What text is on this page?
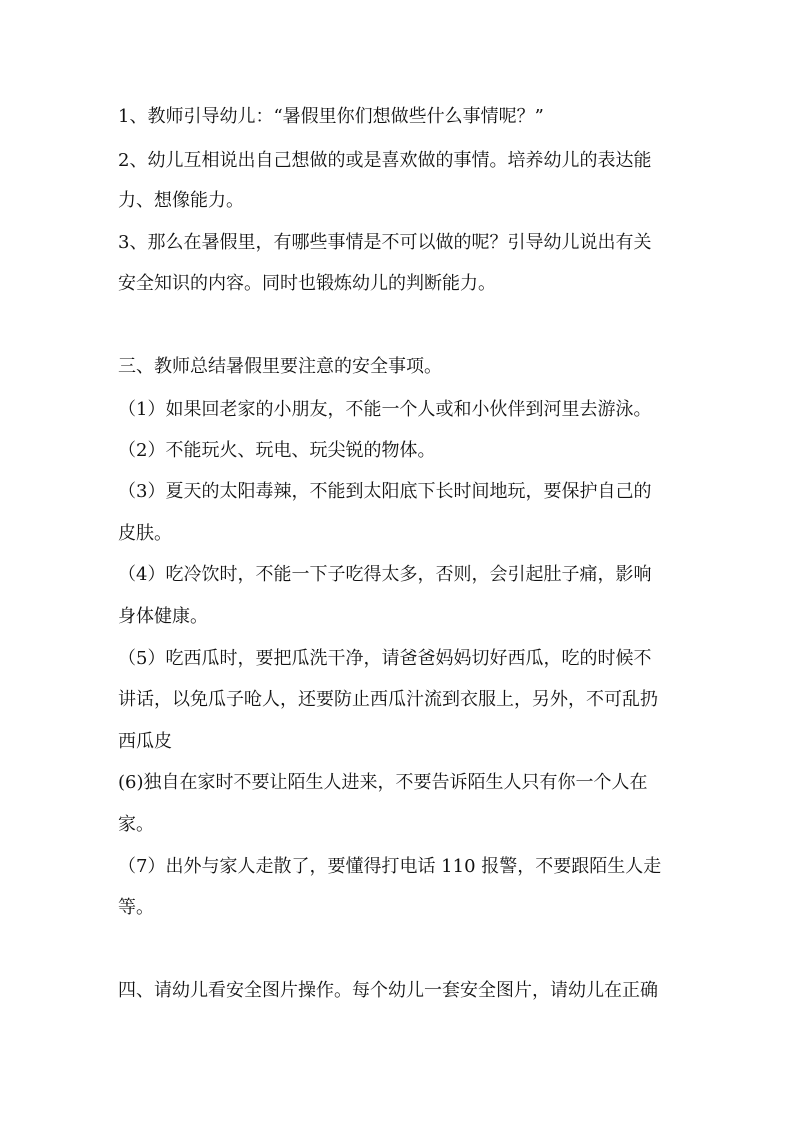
1、教师引导幼儿：“暑假里你们想做些什么事情呢？”
2、幼儿互相说出自己想做的或是喜欢做的事情。培养幼儿的表达能
力、想像能力。
3、那么在暑假里，有哪些事情是不可以做的呢？引导幼儿说出有关
安全知识的内容。同时也锻炼幼儿的判断能力。
三、教师总结暑假里要注意的安全事项。
（1）如果回老家的小朋友，不能一个人或和小伙伴到河里去游泳。
（2）不能玩火、玩电、玩尖锐的物体。
（3）夏天的太阳毒辣，不能到太阳底下长时间地玩，要保护自己的
皮肤。
（4）吃冷饮时，不能一下子吃得太多，否则，会引起肚子痛，影响
身体健康。
（5）吃西瓜时，要把瓜洗干净，请爸爸妈妈切好西瓜，吃的时候不
讲话，以免瓜子呛人，还要防止西瓜汁流到衣服上，另外，不可乱扔
西瓜皮
(6)独自在家时不要让陌生人进来，不要告诉陌生人只有你一个人在
家。
（7）出外与家人走散了，要懂得打电话 110 报警，不要跟陌生人走
等。
四、请幼儿看安全图片操作。每个幼儿一套安全图片，请幼儿在正确
